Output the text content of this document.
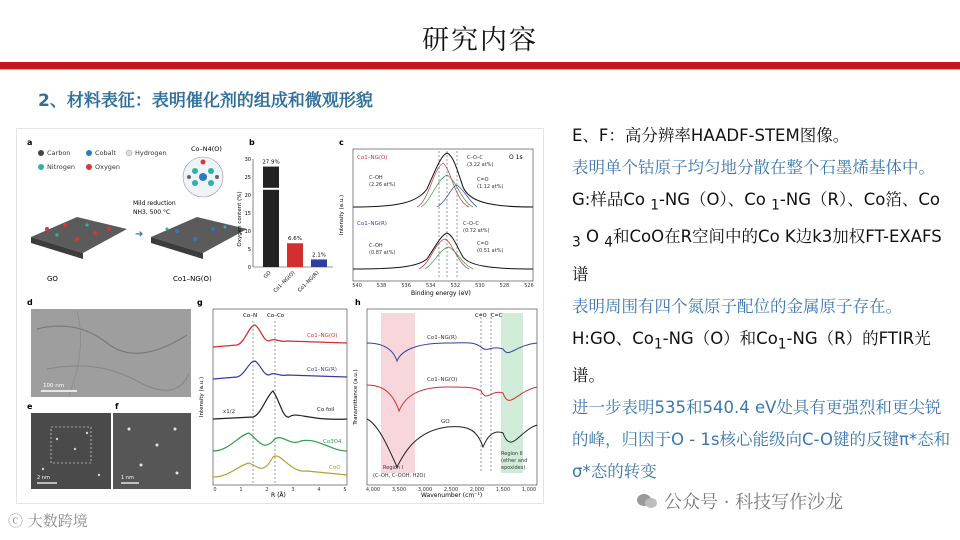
研究内容
2、材料表征：表明催化剂的组成和微观形貌
a
Carbon	Cobalt	Hydrogen
Nitrogen	Oxygen
Co–N4(O)
Mild reduction
NH3, 500 °C
➜
GO	Co1–NG(O)
b
Oxygen content (%)
0
5
10
15
20
25
30 27.9%
GO
6.6%
Co1–NG(O)
2.1%
Co1–NG(R)
c
O 1s
Intensity (a.u.)
Binding energy (eV)
Co1–NG(O)
Co1–NG(R)
C–O–C
(3.22 at%)
C–OH
(2.26 at%)
C=O
(1.12 at%)
C–O–C
(0.72 at%)
C–OH
(0.87 at%)
C=O
(0.51 at%)
540	538	536	534	532	530	528	526
d
100 nm
e
2 nm
f
1 nm
g
Intensity (a.u.)
R (Å)
Co–N Co–Co
Co1–NG(O)
Co1–NG(R)
Co foil
Co3O4
CoO
x1/2
0	1	2	3	4	5
h
C=O C=C
Co1–NG(R)
Co1–NG(O)
GO
Region I
(C–OH, C–OOH, H2O)
Region II
(ether and
epoxides)
Transmittance (a.u.)
Wavenumber (cm⁻¹)
4,000 3,500 3,000 2,500 2,000 1,500 1,000

E、F：高分辨率HAADF-STEM图像。

表明单个钴原子均匀地分散在整个石墨烯基体中。

G:样品Co $_1$-NG（O）、Co $_1$-NG（R）、Co箔、Co $_3$ O $_4$和CoO在R空间中的Co K边k3加权FT-EXAFS谱

表明周围有四个氮原子配位的金属原子存在。

H:GO、$Co_1-NG(O)$和$Co_1-NG(R)$的FTIR光谱。

进一步表明535和540.4 eV处具有更强烈和更尖锐的峰，归因于O - 1s核心能级向C-O键的反键π*态和σ*态的转变

ⓒ 大数跨境
公众号 · 科技写作沙龙
